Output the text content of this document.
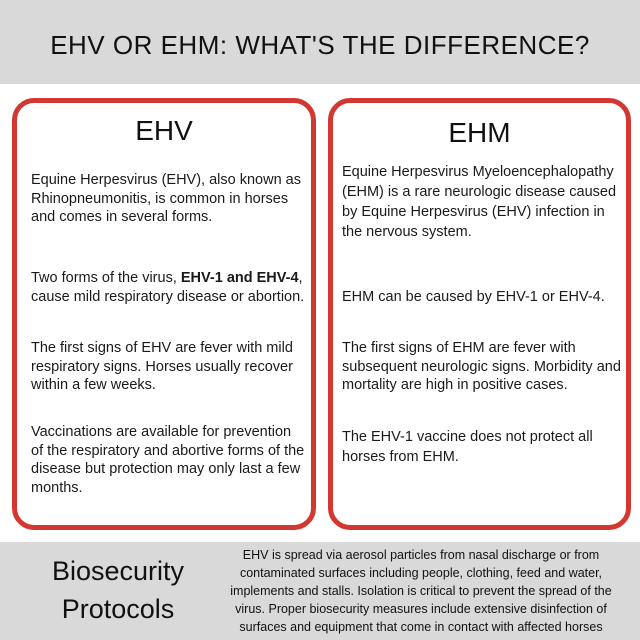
EHV OR EHM: WHAT'S THE DIFFERENCE?
EHV
Equine Herpesvirus (EHV), also known as Rhinopneumonitis, is common in horses and comes in several forms.
Two forms of the virus, EHV-1 and EHV-4, cause mild respiratory disease or abortion.
The first signs of EHV are fever with mild respiratory signs. Horses usually recover within a few weeks.
Vaccinations are available for prevention of the respiratory and abortive forms of the disease but protection may only last a few months.
EHM
Equine Herpesvirus Myeloencephalopathy (EHM) is a rare neurologic disease caused by Equine Herpesvirus (EHV) infection in the nervous system.
EHM can be caused by EHV-1 or EHV-4.
The first signs of EHM are fever with subsequent neurologic signs. Morbidity and mortality are high in positive cases.
The EHV-1 vaccine does not protect all horses from EHM.
Biosecurity
Protocols
EHV is spread via aerosol particles from nasal discharge or from contaminated surfaces including people, clothing, feed and water, implements and stalls. Isolation is critical to prevent the spread of the virus. Proper biosecurity measures include extensive disinfection of surfaces and equipment that come in contact with affected horses
